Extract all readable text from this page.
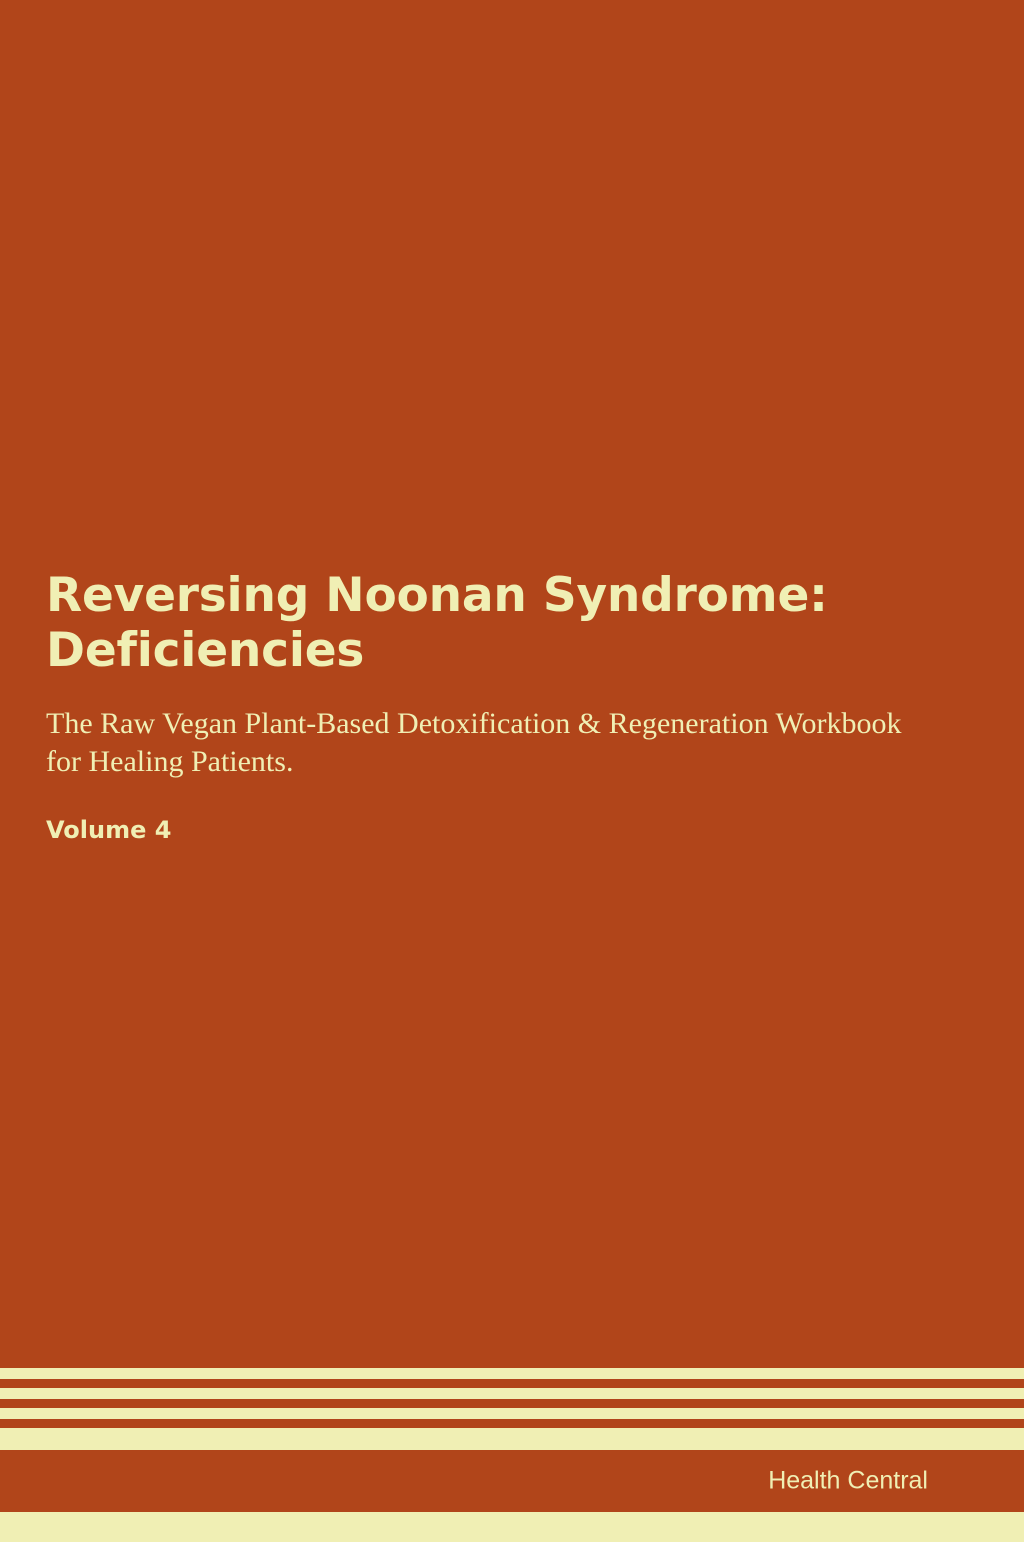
Reversing Noonan Syndrome: Deficiencies

The Raw Vegan Plant-Based Detoxification & Regeneration Workbook for Healing Patients.

Volume 4

Health Central
